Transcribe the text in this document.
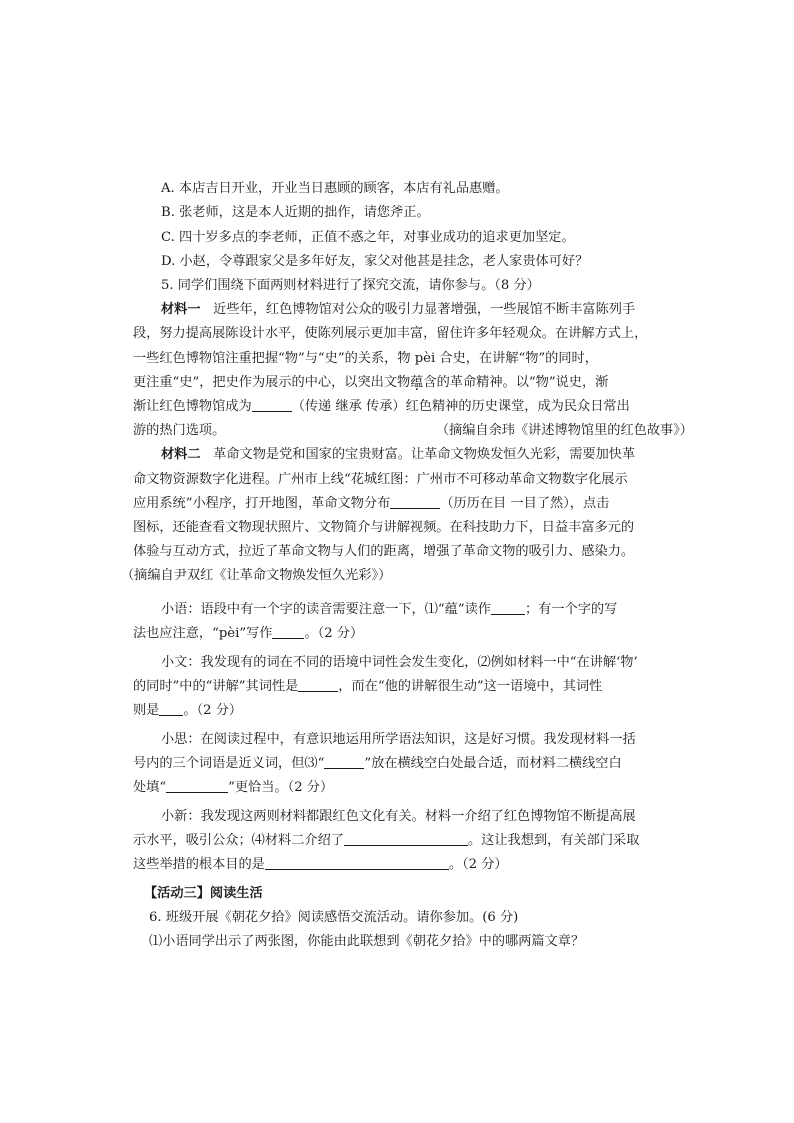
A. 本店吉日开业，开业当日惠顾的顾客，本店有礼品惠赠。
B. 张老师，这是本人近期的拙作，请您斧正。
C. 四十岁多点的李老师，正值不惑之年，对事业成功的追求更加坚定。
D. 小赵，令尊跟家父是多年好友，家父对他甚是挂念，老人家贵体可好？
5. 同学们围绕下面两则材料进行了探究交流，请你参与。（8 分）
材料一 近些年，红色博物馆对公众的吸引力显著增强，一些展馆不断丰富陈列手
段，努力提高展陈设计水平，使陈列展示更加丰富，留住许多年轻观众。在讲解方式上，
一些红色博物馆注重把握“物”与“史”的关系，物 pèi 合史，在讲解“物”的同时，
更注重“史”，把史作为展示的中心，以突出文物蕴含的革命精神。以“物”说史，渐
渐让红色博物馆成为	（传递 继承 传承）红色精神的历史课堂，成为民众日常出
游的热门选项。	（摘编自余玮《讲述博物馆里的红色故事》）
材料二 革命文物是党和国家的宝贵财富。让革命文物焕发恒久光彩，需要加快革
命文物资源数字化进程。广州市上线“花城红图：广州市不可移动革命文物数字化展示
应用系统”小程序，打开地图，革命文物分布	（历历在目 一目了然），点击
图标，还能查看文物现状照片、文物简介与讲解视频。在科技助力下，日益丰富多元的
体验与互动方式，拉近了革命文物与人们的距离，增强了革命文物的吸引力、感染力。
（摘编自尹双红《让革命文物焕发恒久光彩》）
小语：语段中有一个字的读音需要注意一下，⑴“蕴”读作	；有一个字的写
法也应注意，“pèi”写作 。（2 分）
小文：我发现有的词在不同的语境中词性会发生变化，⑵例如材料一中“在讲解‘物’
的同时”中的“讲解”其词性是	，而在“他的讲解很生动”这一语境中，其词性
则是 。（2 分）
小思：在阅读过程中，有意识地运用所学语法知识，这是好习惯。我发现材料一括
号内的三个词语是近义词，但⑶“	”放在横线空白处最合适，而材料二横线空白
处填“	”更恰当。（2 分）
小新：我发现这两则材料都跟红色文化有关。材料一介绍了红色博物馆不断提高展
示水平，吸引公众；⑷材料二介绍了	。这让我想到，有关部门采取
这些举措的根本目的是	。（2 分）
【活动三】阅读生活
6. 班级开展《朝花夕拾》阅读感悟交流活动。请你参加。(6 分)
⑴小语同学出示了两张图，你能由此联想到《朝花夕拾》中的哪两篇文章？
